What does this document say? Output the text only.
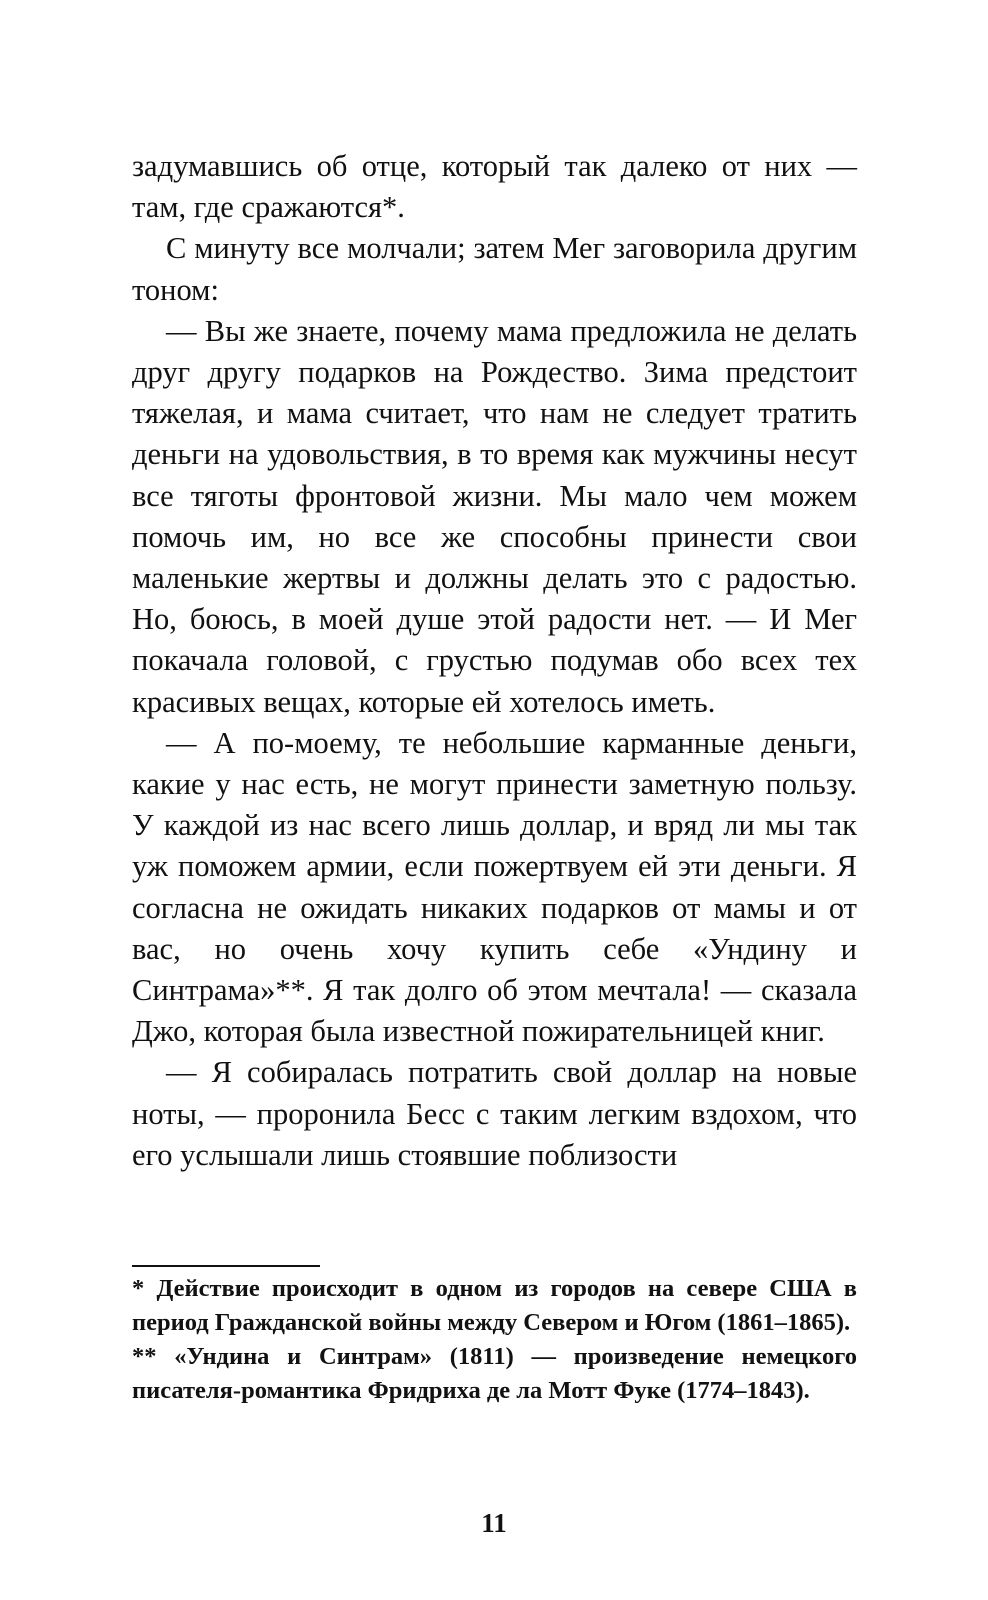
задумавшись об отце, который так далеко от них — там, где сражаются*.

С минуту все молчали; затем Мег заговорила другим тоном:

— Вы же знаете, почему мама предложила не делать друг другу подарков на Рождество. Зима предстоит тяжелая, и мама считает, что нам не следует тратить деньги на удовольствия, в то время как мужчины несут все тяготы фронтовой жизни. Мы мало чем можем помочь им, но все же способны принести свои маленькие жертвы и должны делать это с радостью. Но, боюсь, в моей душе этой радости нет. — И Мег покачала головой, с грустью подумав обо всех тех красивых вещах, которые ей хотелось иметь.

— А по-моему, те небольшие карманные деньги, какие у нас есть, не могут принести заметную пользу. У каждой из нас всего лишь доллар, и вряд ли мы так уж поможем армии, если пожертвуем ей эти деньги. Я согласна не ожидать никаких подарков от мамы и от вас, но очень хочу купить себе «Ундину и Синтрама»**. Я так долго об этом мечтала! — сказала Джо, которая была известной пожирательницей книг.

— Я собиралась потратить свой доллар на новые ноты, — проронила Бесс с таким легким вздохом, что его услышали лишь стоявшие поблизости

* Действие происходит в одном из городов на севере США в период Гражданской войны между Севером и Югом (1861–1865).

** «Ундина и Синтрам» (1811) — произведение немецкого писателя-романтика Фридриха де ла Мотт Фуке (1774–1843).

11
